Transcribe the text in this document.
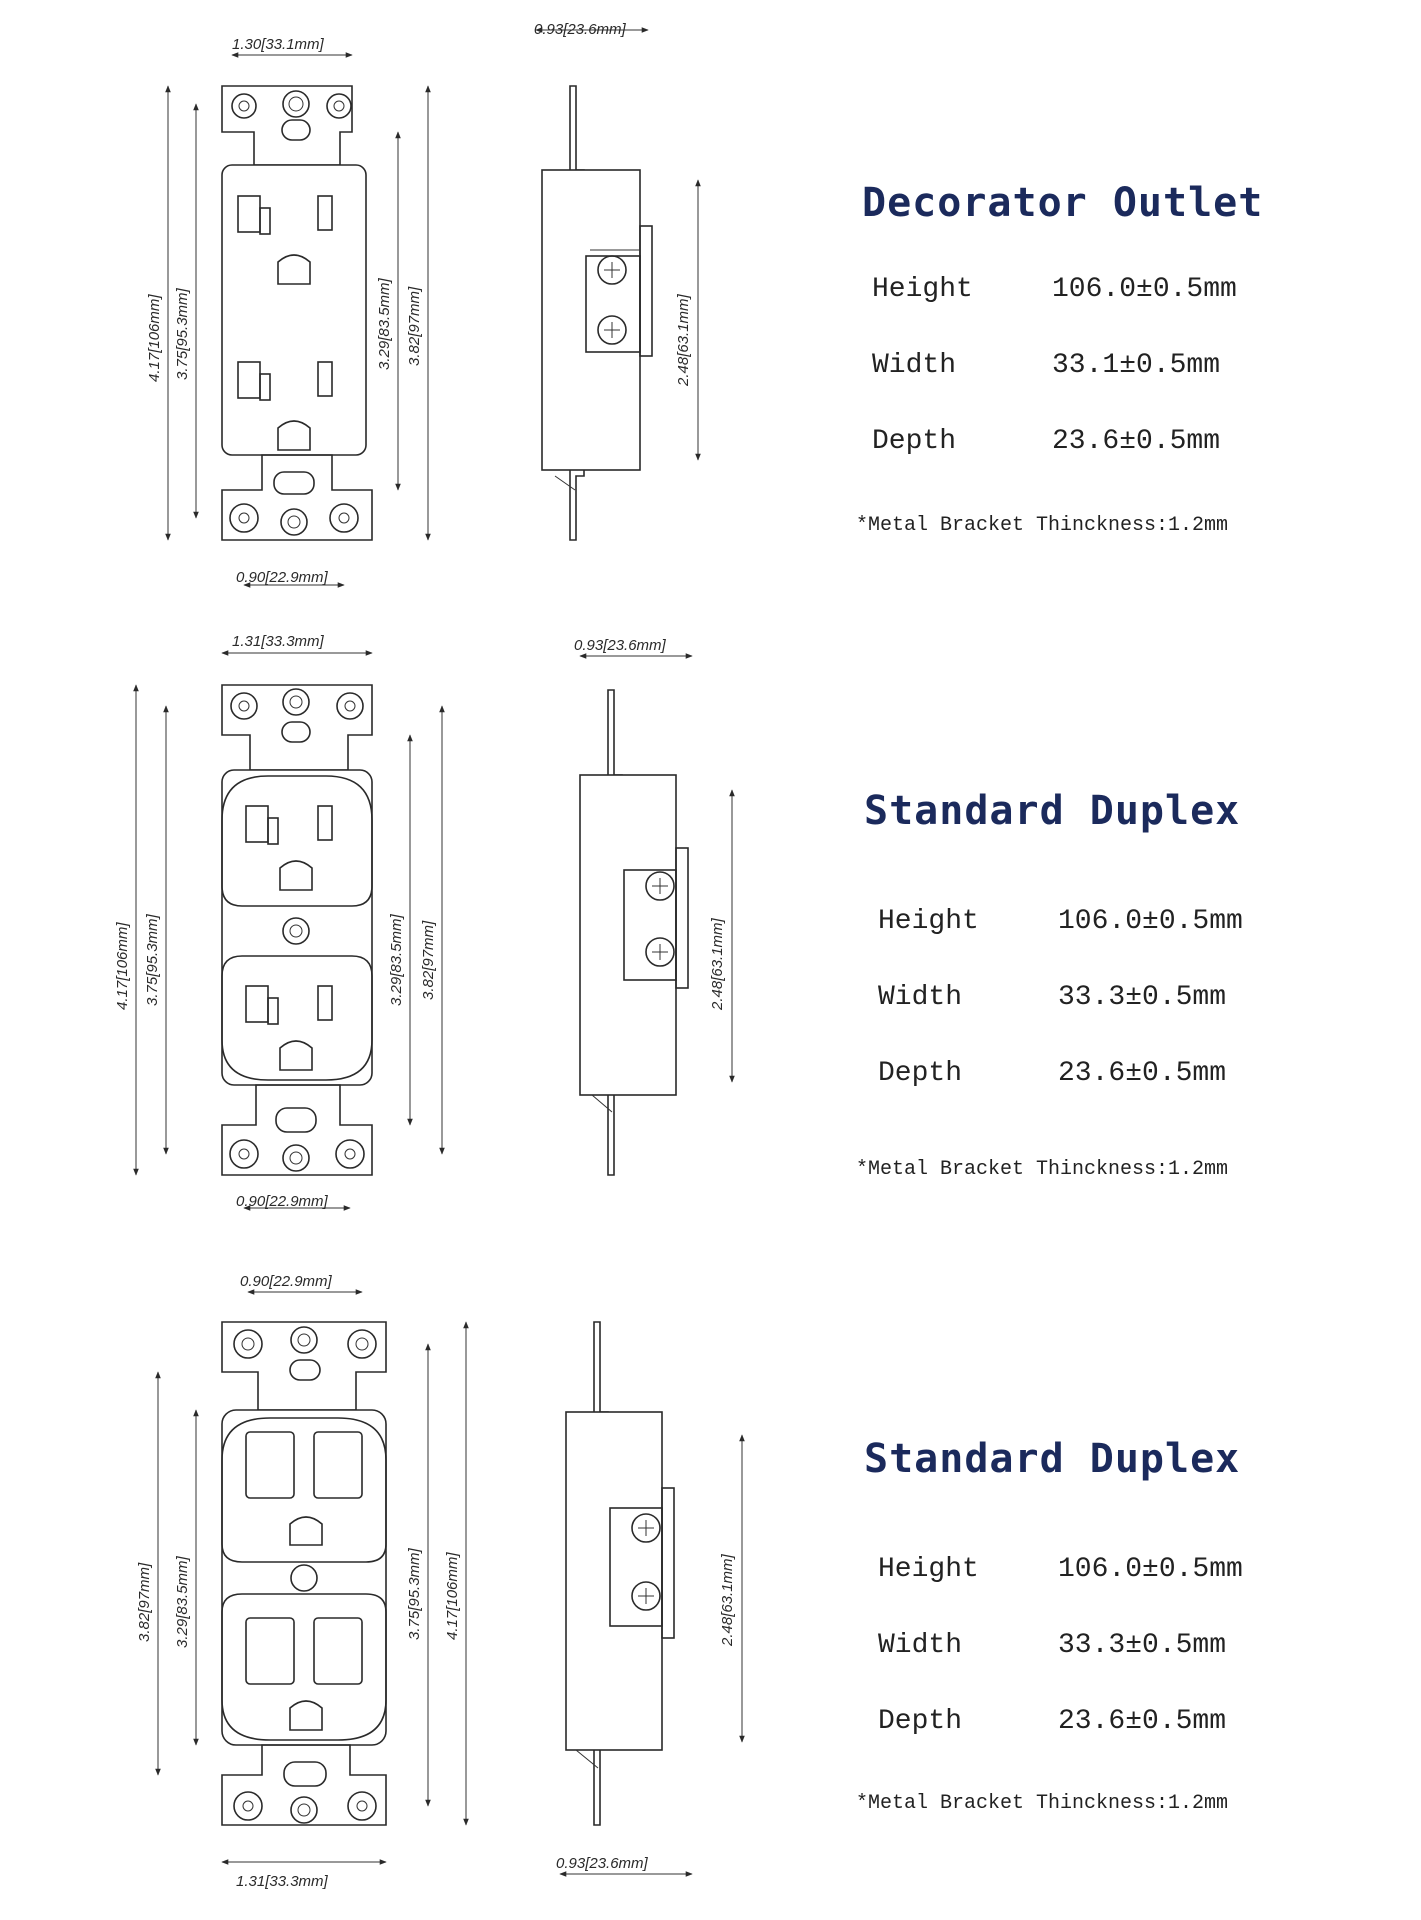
1.30[33.1mm]
4.17[106mm] 3.75[95.3mm]	3.29[83.5mm] 3.82[97mm]
0.90[22.9mm]
0.93[23.6mm]
2.48[63.1mm]
1.31[33.3mm]
4.17[106mm] 3.75[95.3mm]	3.29[83.5mm] 3.82[97mm]
0.90[22.9mm]
0.93[23.6mm]
2.48[63.1mm]
0.90[22.9mm]
3.82[97mm] 3.29[83.5mm]	3.75[95.3mm] 4.17[106mm]
1.31[33.3mm]
0.93[23.6mm]
2.48[63.1mm]
Decorator Outlet
Height	106.0±0.5mm
Width	33.1±0.5mm
Depth	23.6±0.5mm
*Metal Bracket Thinckness:1.2mm
Standard Duplex
Height	106.0±0.5mm
Width	33.3±0.5mm
Depth	23.6±0.5mm
*Metal Bracket Thinckness:1.2mm
Standard Duplex
Height	106.0±0.5mm
Width	33.3±0.5mm
Depth	23.6±0.5mm
*Metal Bracket Thinckness:1.2mm
